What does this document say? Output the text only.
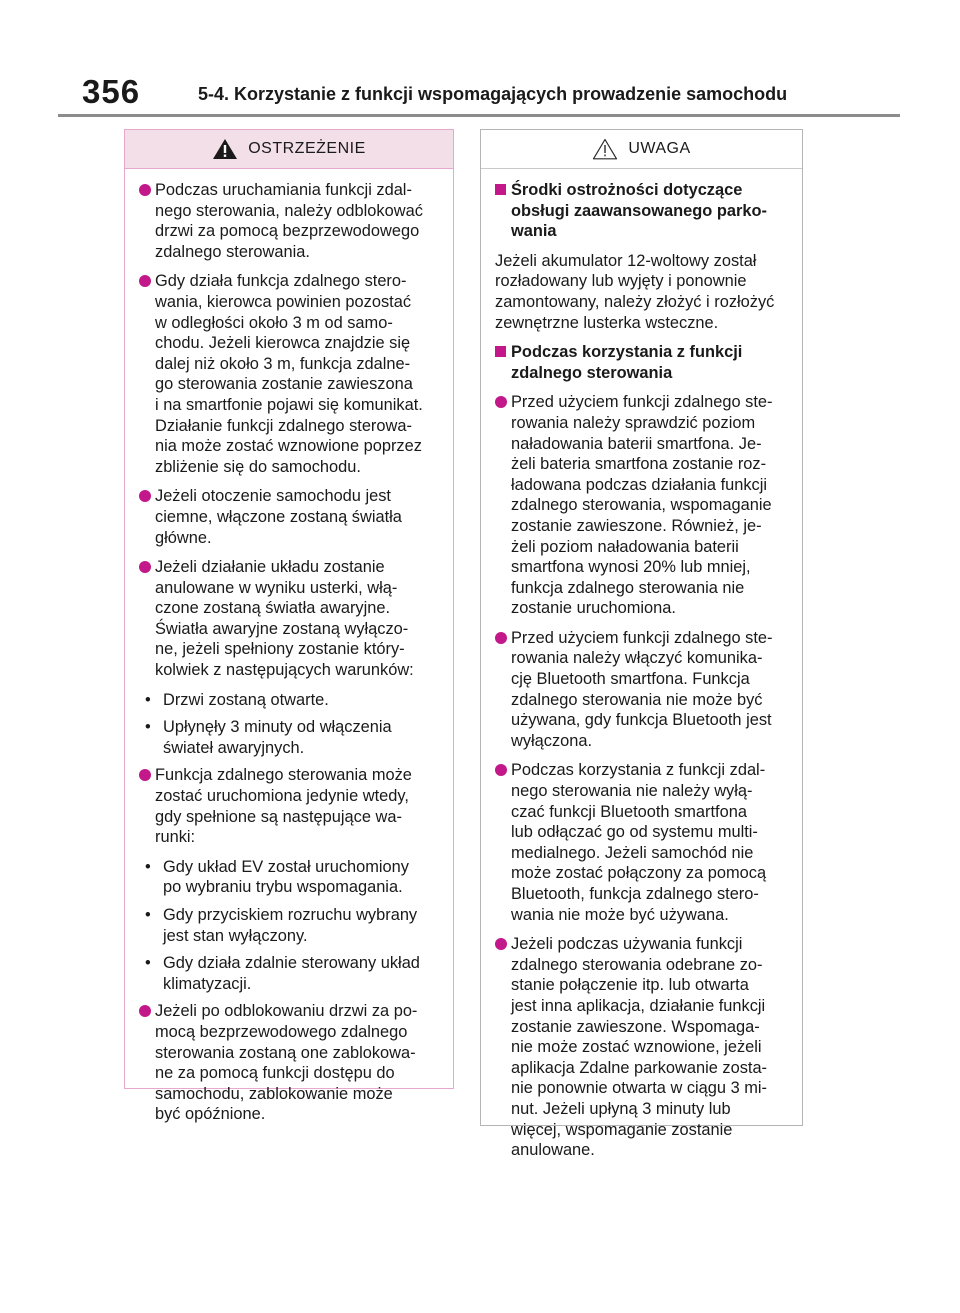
356	5-4. Korzystanie z funkcji wspomagających prowadzenie samochodu
OSTRZEŻENIE
Podczas uruchamiania funkcji zdal-
nego sterowania, należy odblokować
drzwi za pomocą bezprzewodowego
zdalnego sterowania.
Gdy działa funkcja zdalnego stero-
wania, kierowca powinien pozostać
w odległości około 3 m od samo-
chodu. Jeżeli kierowca znajdzie się
dalej niż około 3 m, funkcja zdalne-
go sterowania zostanie zawieszona
i na smartfonie pojawi się komunikat.
Działanie funkcji zdalnego sterowa-
nia może zostać wznowione poprzez
zbliżenie się do samochodu.
Jeżeli otoczenie samochodu jest
ciemne, włączone zostaną światła
główne.
Jeżeli działanie układu zostanie
anulowane w wyniku usterki, włą-
czone zostaną światła awaryjne.
Światła awaryjne zostaną wyłączo-
ne, jeżeli spełniony zostanie który-
kolwiek z następujących warunków:
• Drzwi zostaną otwarte.
• Upłynęły 3 minuty od włączenia
świateł awaryjnych.
Funkcja zdalnego sterowania może
zostać uruchomiona jedynie wtedy,
gdy spełnione są następujące wa-
runki:
• Gdy układ EV został uruchomiony
po wybraniu trybu wspomagania.
• Gdy przyciskiem rozruchu wybrany
jest stan wyłączony.
• Gdy działa zdalnie sterowany układ
klimatyzacji.
Jeżeli po odblokowaniu drzwi za po-
mocą bezprzewodowego zdalnego
sterowania zostaną one zablokowa-
ne za pomocą funkcji dostępu do
samochodu, zablokowanie może
być opóźnione.
UWAGA
Środki ostrożności dotyczące
obsługi zaawansowanego parko-
wania
Jeżeli akumulator 12-woltowy został
rozładowany lub wyjęty i ponownie
zamontowany, należy złożyć i rozłożyć
zewnętrzne lusterka wsteczne.
Podczas korzystania z funkcji
zdalnego sterowania
Przed użyciem funkcji zdalnego ste-
rowania należy sprawdzić poziom
naładowania baterii smartfona. Je-
żeli bateria smartfona zostanie roz-
ładowana podczas działania funkcji
zdalnego sterowania, wspomaganie
zostanie zawieszone. Również, je-
żeli poziom naładowania baterii
smartfona wynosi 20% lub mniej,
funkcja zdalnego sterowania nie
zostanie uruchomiona.
Przed użyciem funkcji zdalnego ste-
rowania należy włączyć komunika-
cję Bluetooth smartfona. Funkcja
zdalnego sterowania nie może być
używana, gdy funkcja Bluetooth jest
wyłączona.
Podczas korzystania z funkcji zdal-
nego sterowania nie należy wyłą-
czać funkcji Bluetooth smartfona
lub odłączać go od systemu multi-
medialnego. Jeżeli samochód nie
może zostać połączony za pomocą
Bluetooth, funkcja zdalnego stero-
wania nie może być używana.
Jeżeli podczas używania funkcji
zdalnego sterowania odebrane zo-
stanie połączenie itp. lub otwarta
jest inna aplikacja, działanie funkcji
zostanie zawieszone. Wspomaga-
nie może zostać wznowione, jeżeli
aplikacja Zdalne parkowanie zosta-
nie ponownie otwarta w ciągu 3 mi-
nut. Jeżeli upłyną 3 minuty lub
więcej, wspomaganie zostanie
anulowane.
